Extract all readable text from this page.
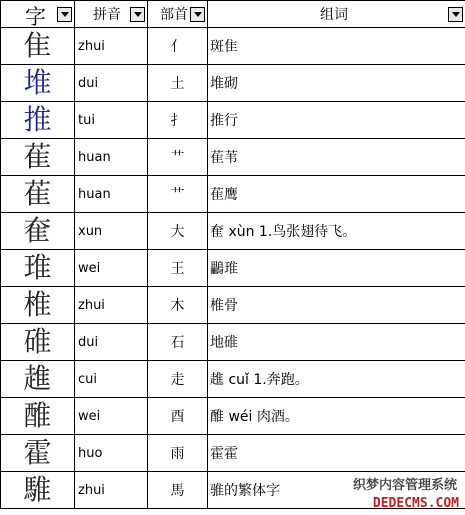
字	拼音	部首	组词

隹	zhui	亻	斑隹
堆	dui	土	堆砌
推	tui	扌	推行
萑	huan	艹	萑苇
萑	huan	艹	萑鹰
奞	xun	大	奞 xùn 1.鸟张翅待飞。
琟	wei	王	鸓琟
椎	zhui	木	椎骨
碓	dui	石	地碓
趡	cui	走	趡 cuǐ 1.奔跑。
醀	wei	酉	醀 wéi 肉酒。
霍	huo	雨	霍霍
騅	zhui	馬	骓的繁体字	织梦内容管理系统
DEDECMS.COM
